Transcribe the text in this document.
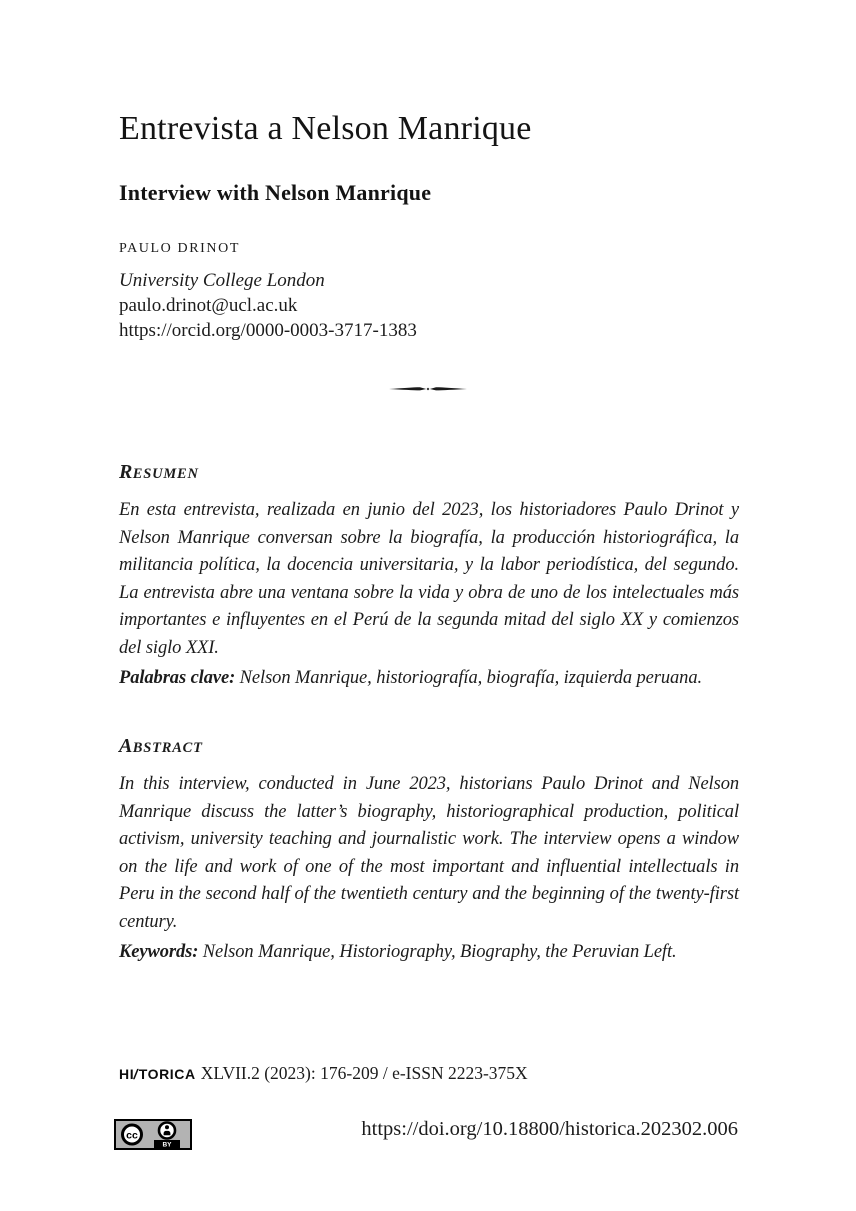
Entrevista a Nelson Manrique
Interview with Nelson Manrique
PAULO DRINOT
University College London
paulo.drinot@ucl.ac.uk
https://orcid.org/0000-0003-3717-1383
RESUMEN

En esta entrevista, realizada en junio del 2023, los historiadores Paulo Drinot y Nelson Manrique conversan sobre la biografía, la producción historiográfica, la militancia política, la docencia universitaria, y la labor periodística, del segundo. La entrevista abre una ventana sobre la vida y obra de uno de los intelectuales más importantes e influyentes en el Perú de la segunda mitad del siglo XX y comienzos del siglo XXI.

Palabras clave: Nelson Manrique, historiografía, biografía, izquierda peruana.
ABSTRACT

In this interview, conducted in June 2023, historians Paulo Drinot and Nelson Manrique discuss the latter’s biography, historiographical production, political activism, university teaching and journalistic work. The interview opens a window on the life and work of one of the most important and influential intellectuals in Peru in the second half of the twentieth century and the beginning of the twenty-first century.

Keywords: Nelson Manrique, Historiography, Biography, the Peruvian Left.
HI/TORICA XLVII.2 (2023): 176-209 / e-ISSN 2223-375X
cc
BY
https://doi.org/10.18800/historica.202302.006
